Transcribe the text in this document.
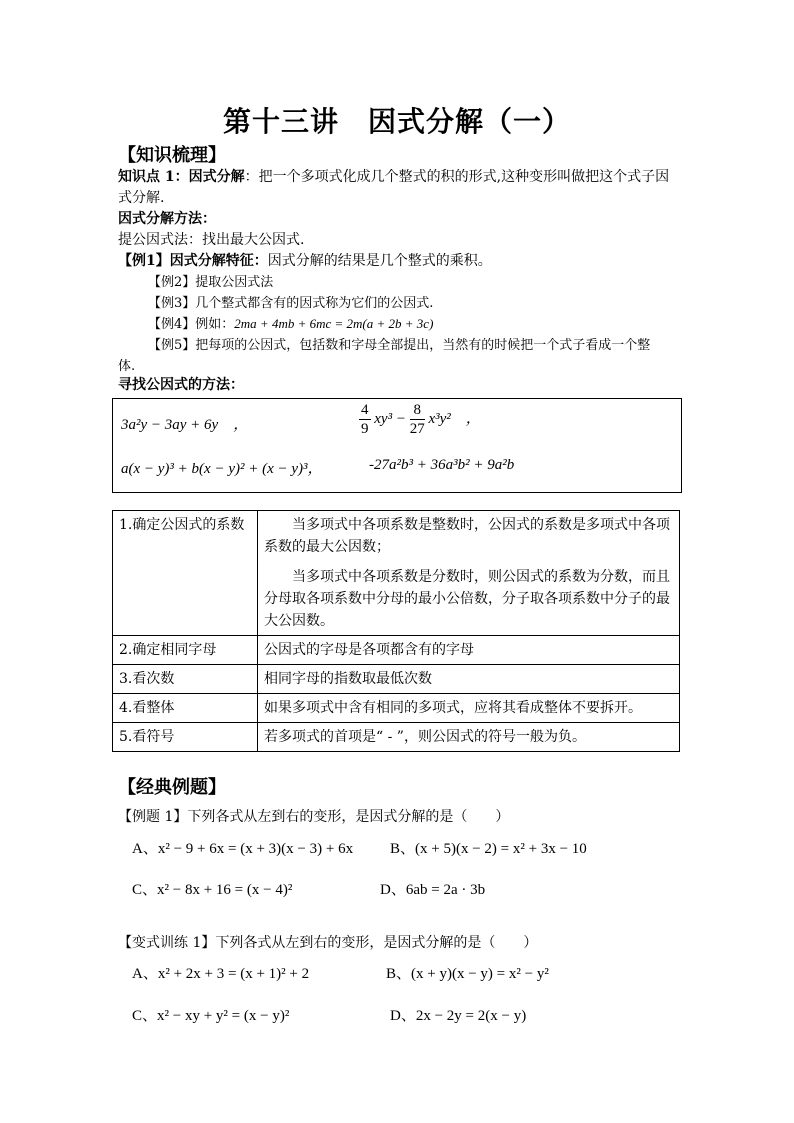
第十三讲　因式分解（一）
【知识梳理】
知识点 1：因式分解：把一个多项式化成几个整式的积的形式,这种变形叫做把这个式子因
式分解.
因式分解方法：
提公因式法：找出最大公因式.
【例1】因式分解特征：因式分解的结果是几个整式的乘积。
【例2】提取公因式法
【例3】几个整式都含有的因式称为它们的公因式.
【例4】例如：2ma + 4mb + 6mc = 2m(a + 2b + 3c)
【例5】把每项的公因式，包括数和字母全部提出，当然有的时候把一个式子看成一个整
体.
寻找公因式的方法：
3a²y − 3ay + 6y　，	$\frac{4}{9} xy^3 - \frac{8}{27} x^3y^2$　，
a(x − y)³ + b(x − y)² + (x − y)³，	-27a²b³ + 36a³b² + 9a²b
1.确定公因式的系数	当多项式中各项系数是整数时，公因式的系数是多项式中各项系数的最大公因数；
当多项式中各项系数是分数时，则公因式的系数为分数，而且分母取各项系数中分母的最小公倍数，分子取各项系数中分子的最大公因数。

2.确定相同字母	公因式的字母是各项都含有的字母
3.看次数	相同字母的指数取最低次数
4.看整体	如果多项式中含有相同的多项式，应将其看成整体不要拆开。
5.看符号	若多项式的首项是“ - ”，则公因式的符号一般为负。
【经典例题】
【例题 1】下列各式从左到右的变形，是因式分解的是（　　）
A、x² − 9 + 6x = (x + 3)(x − 3) + 6x B、(x + 5)(x − 2) = x² + 3x − 10
C、x² − 8x + 16 = (x − 4)²	D、6ab = 2a · 3b
【变式训练 1】下列各式从左到右的变形，是因式分解的是（　　）
A、x² + 2x + 3 = (x + 1)² + 2	B、(x + y)(x − y) = x² − y²
C、x² − xy + y² = (x − y)²	D、2x − 2y = 2(x − y)
